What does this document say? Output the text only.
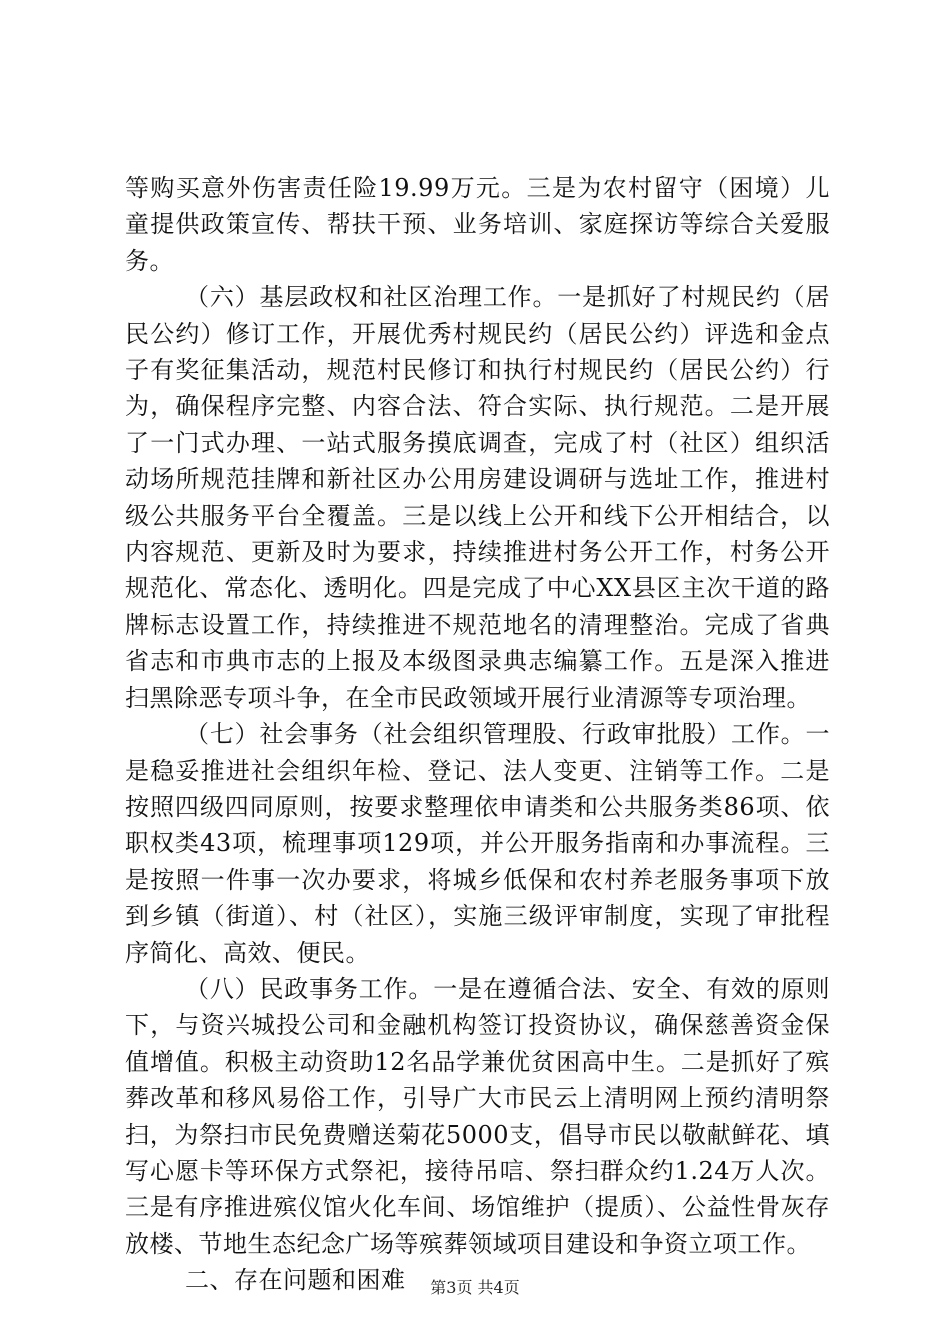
等购买意外伤害责任险19.99万元。三是为农村留守（困境）儿童提供政策宣传、帮扶干预、业务培训、家庭探访等综合关爱服务。

（六）基层政权和社区治理工作。一是抓好了村规民约（居民公约）修订工作，开展优秀村规民约（居民公约）评选和金点子有奖征集活动，规范村民修订和执行村规民约（居民公约）行为，确保程序完整、内容合法、符合实际、执行规范。二是开展了一门式办理、一站式服务摸底调查，完成了村（社区）组织活动场所规范挂牌和新社区办公用房建设调研与选址工作，推进村级公共服务平台全覆盖。三是以线上公开和线下公开相结合，以内容规范、更新及时为要求，持续推进村务公开工作，村务公开规范化、常态化、透明化。四是完成了中心XX县区主次干道的路牌标志设置工作，持续推进不规范地名的清理整治。完成了省典省志和市典市志的上报及本级图录典志编纂工作。五是深入推进扫黑除恶专项斗争，在全市民政领域开展行业清源等专项治理。

（七）社会事务（社会组织管理股、行政审批股）工作。一是稳妥推进社会组织年检、登记、法人变更、注销等工作。二是按照四级四同原则，按要求整理依申请类和公共服务类86项、依职权类43项，梳理事项129项，并公开服务指南和办事流程。三是按照一件事一次办要求，将城乡低保和农村养老服务事项下放到乡镇（街道）、村（社区），实施三级评审制度，实现了审批程序简化、高效、便民。

（八）民政事务工作。一是在遵循合法、安全、有效的原则下，与资兴城投公司和金融机构签订投资协议，确保慈善资金保值增值。积极主动资助12名品学兼优贫困高中生。二是抓好了殡葬改革和移风易俗工作，引导广大市民云上清明网上预约清明祭扫，为祭扫市民免费赠送菊花5000支，倡导市民以敬献鲜花、填写心愿卡等环保方式祭祀，接待吊唁、祭扫群众约1.24万人次。三是有序推进殡仪馆火化车间、场馆维护（提质）、公益性骨灰存放楼、节地生态纪念广场等殡葬领域项目建设和争资立项工作。

二、存在问题和困难	第3页 共4页
